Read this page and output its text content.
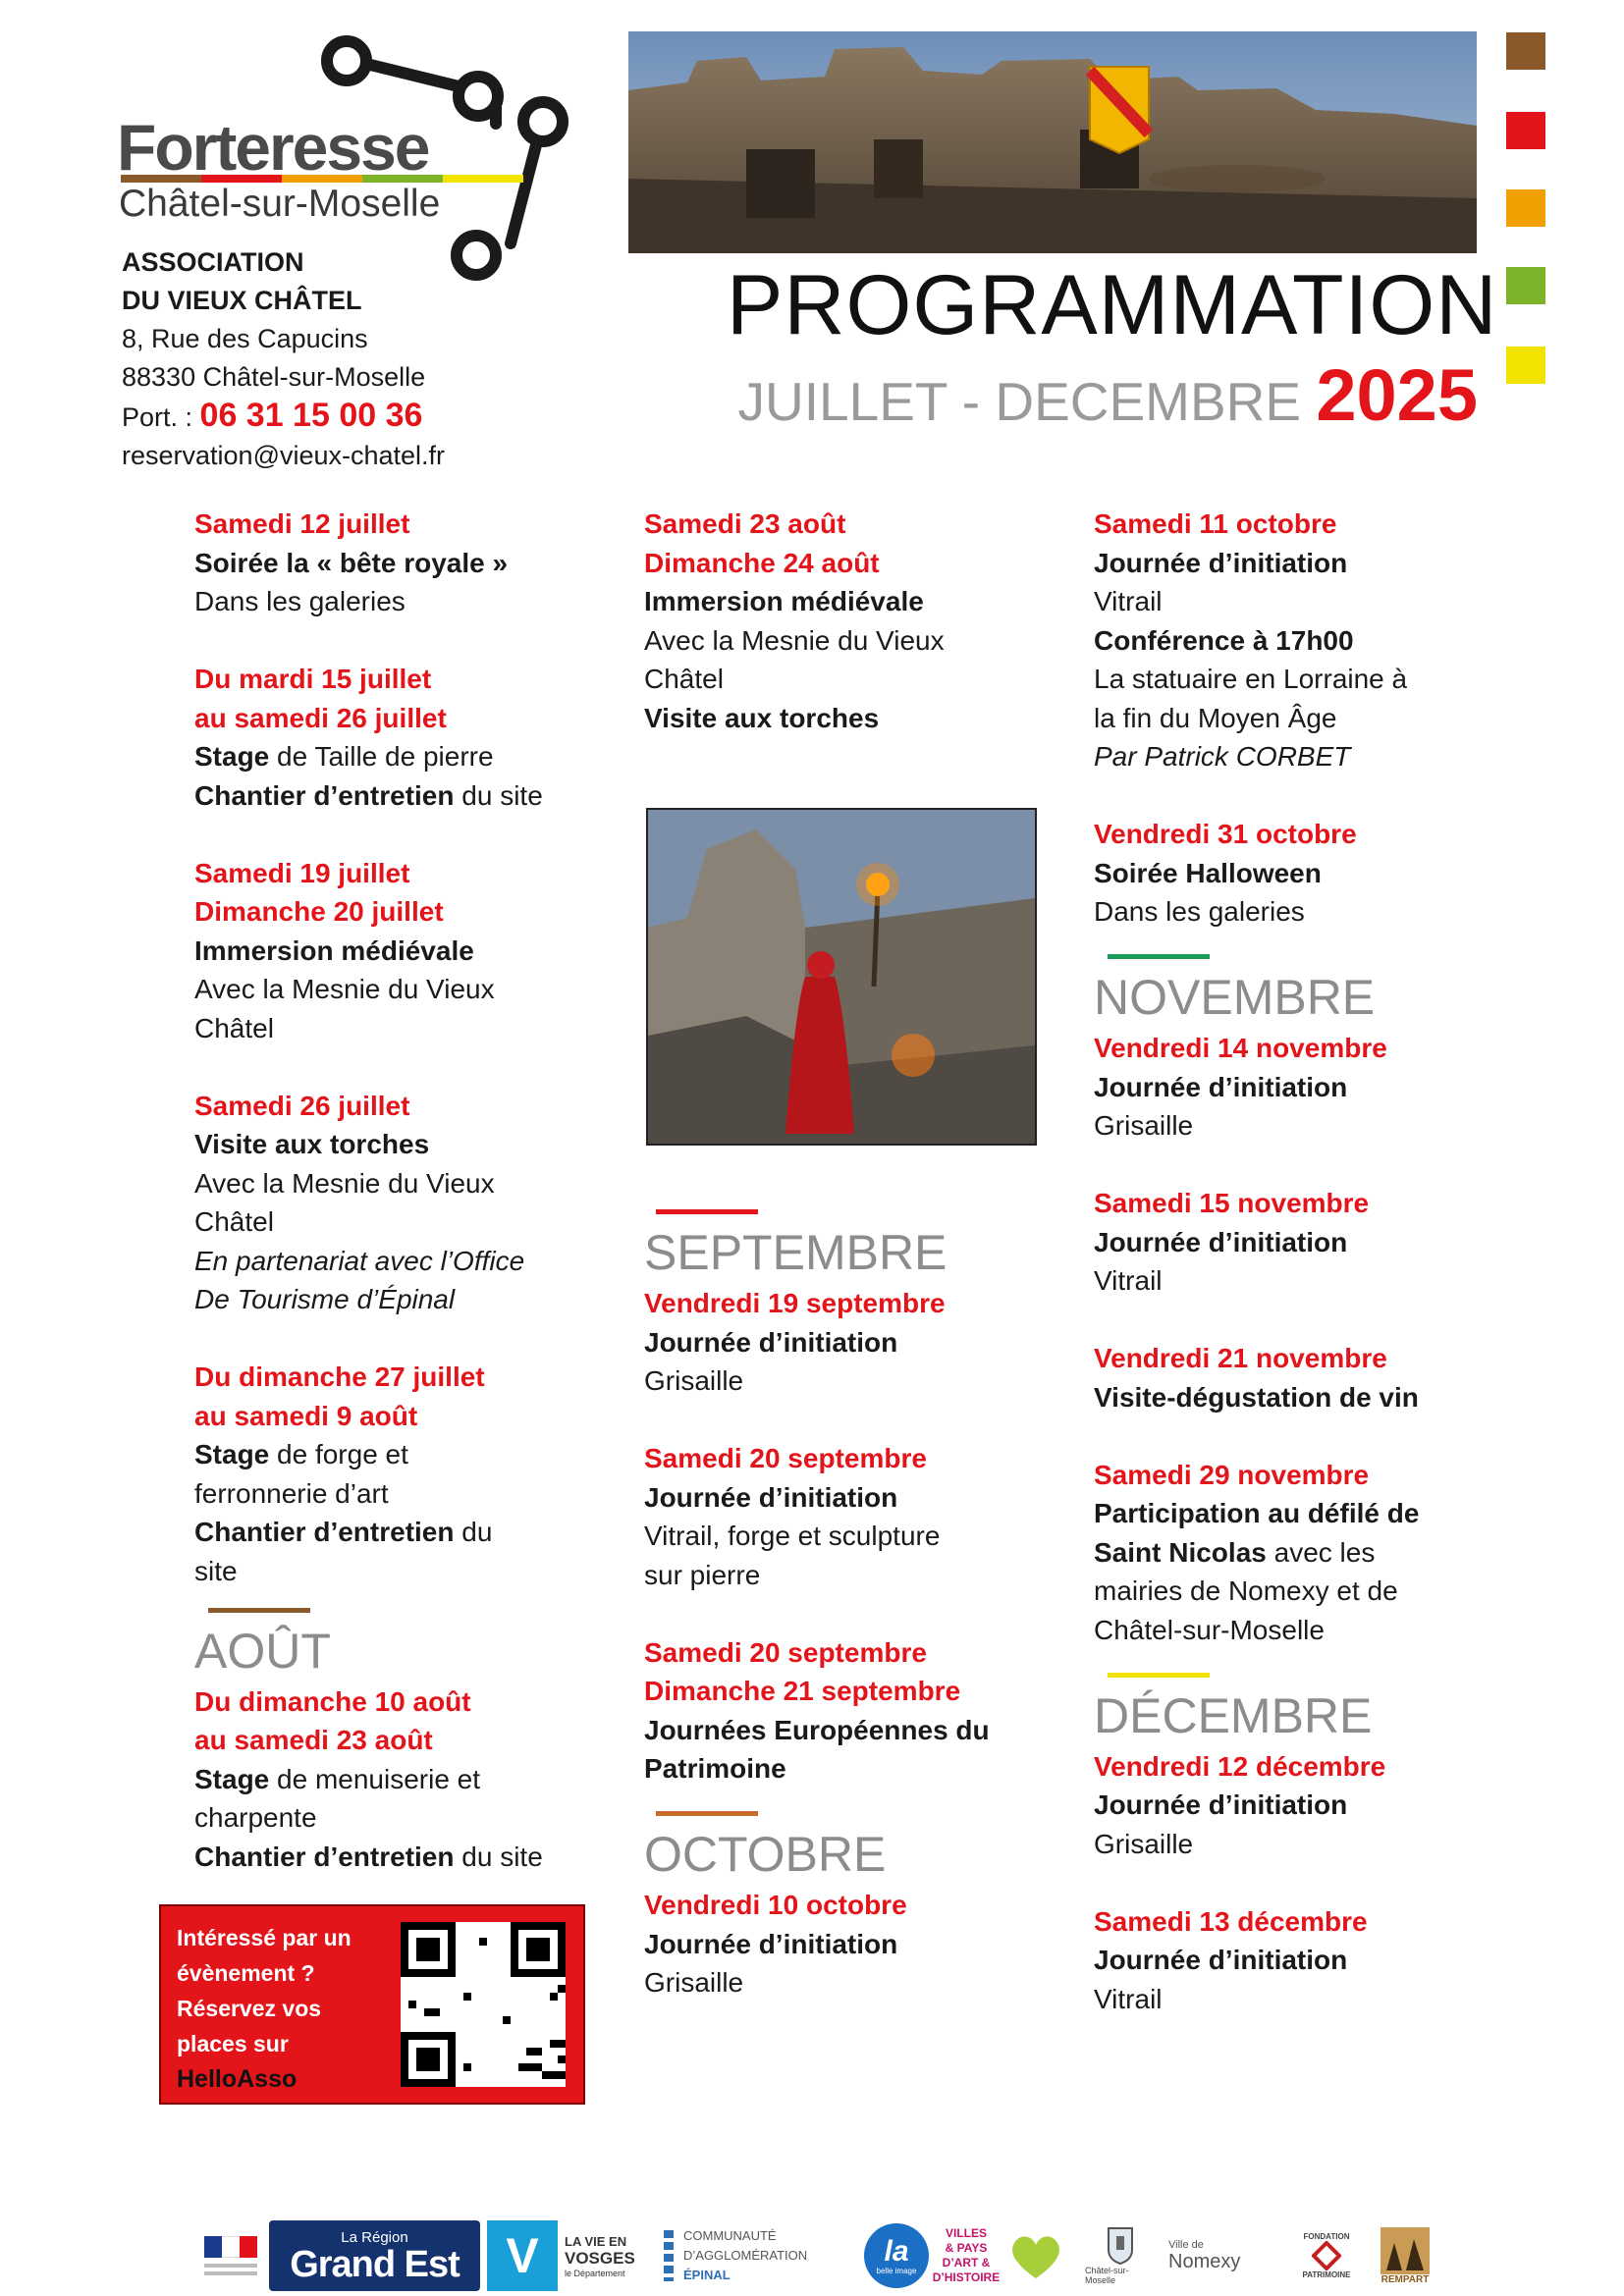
Forteresse
Châtel-sur-Moselle
ASSOCIATION
DU VIEUX CHÂTEL
8, Rue des Capucins
88330 Châtel-sur-Moselle
Port. : 06 31 15 00 36
reservation@vieux-chatel.fr
PROGRAMMATION
JUILLET - DECEMBRE 2025
Samedi 12 juillet
Soirée la « bête royale »
Dans les galeries
Du mardi 15 juillet
au samedi 26 juillet
Stage de Taille de pierre
Chantier d’entretien du site
Samedi 19 juillet
Dimanche 20 juillet
Immersion médiévale
Avec la Mesnie du Vieux
Châtel
Samedi 26 juillet
Visite aux torches
Avec la Mesnie du Vieux
Châtel
En partenariat avec l’Office
De Tourisme d’Épinal
Du dimanche 27 juillet
au samedi 9 août
Stage de forge et
ferronnerie d’art
Chantier d’entretien du
site
AOÛT
Du dimanche 10 août
au samedi 23 août
Stage de menuiserie et
charpente
Chantier d’entretien du site
Samedi 23 août
Dimanche 24 août
Immersion médiévale
Avec la Mesnie du Vieux
Châtel
Visite aux torches
SEPTEMBRE
Vendredi 19 septembre
Journée d’initiation
Grisaille
Samedi 20 septembre
Journée d’initiation
Vitrail, forge et sculpture
sur pierre
Samedi 20 septembre
Dimanche 21 septembre
Journées Européennes du
Patrimoine
OCTOBRE
Vendredi 10 octobre
Journée d’initiation
Grisaille
Samedi 11 octobre
Journée d’initiation
Vitrail
Conférence à 17h00
La statuaire en Lorraine à
la fin du Moyen Âge
Par Patrick CORBET
Vendredi 31 octobre
Soirée Halloween
Dans les galeries
NOVEMBRE
Vendredi 14 novembre
Journée d’initiation
Grisaille
Samedi 15 novembre
Journée d’initiation
Vitrail
Vendredi 21 novembre
Visite-dégustation de vin
Samedi 29 novembre
Participation au défilé de
Saint Nicolas avec les
mairies de Nomexy et de
Châtel-sur-Moselle
DÉCEMBRE
Vendredi 12 décembre
Journée d’initiation
Grisaille
Samedi 13 décembre
Journée d’initiation
Vitrail
Intéressé par un
évènement ?
Réservez vos
places sur
HelloAsso
La Région
Grand Est V	LA VIE EN
VOSGES
le Département
COMMUNAUTÉ
D’AGGLOMÉRATION
ÉPINAL
la
belle image
VILLES
& PAYS
D’ART &
D’HISTOIRE	Châtel-sur-Moselle
Ville de
Nomexy
FONDATION
PATRIMOINE	REMPART
